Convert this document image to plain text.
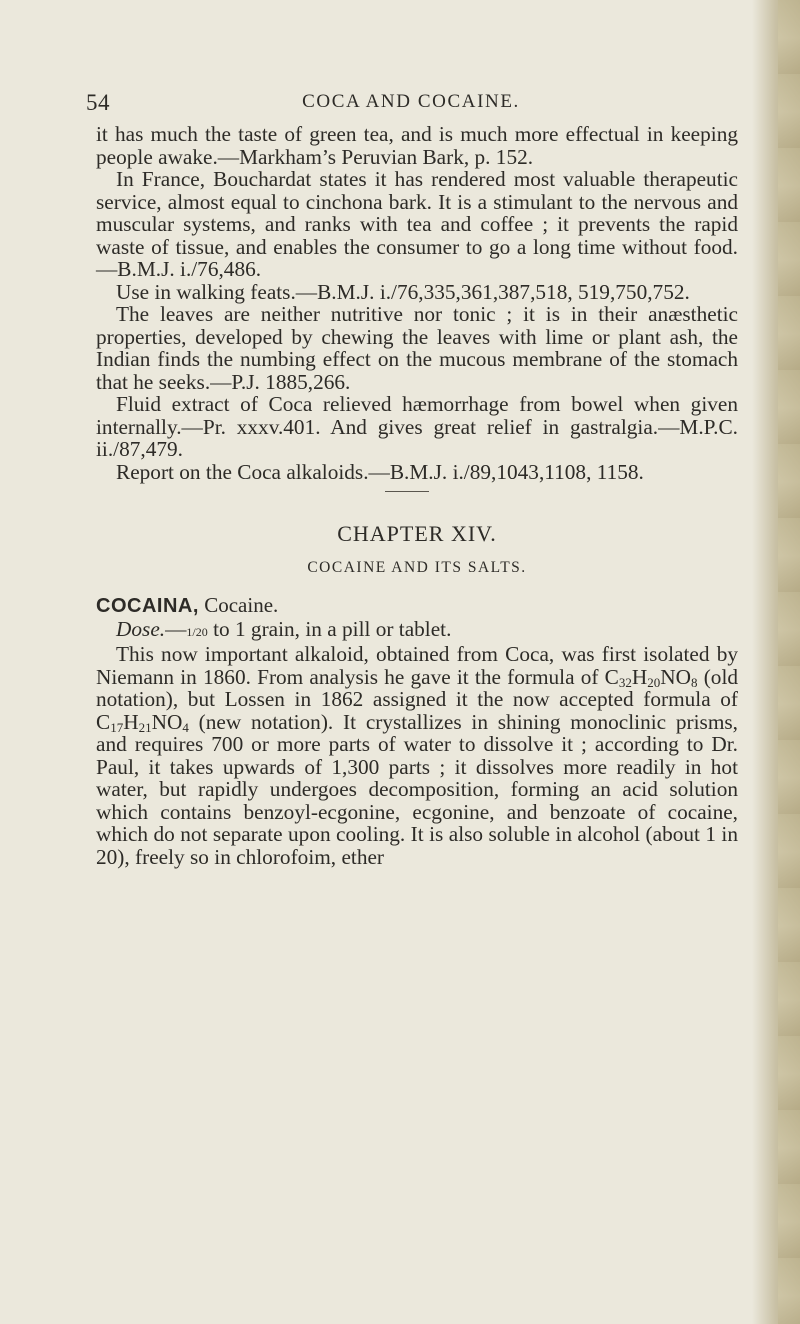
54	COCA AND COCAINE.

it has much the taste of green tea, and is much more effectual in keeping people awake.—Markham’s Peruvian Bark, p. 152.

In France, Bouchardat states it has rendered most valuable therapeutic service, almost equal to cinchona bark. It is a stimulant to the nervous and muscular systems, and ranks with tea and coffee ; it prevents the rapid waste of tissue, and enables the consumer to go a long time without food.—B.M.J. i./76,486.

Use in walking feats.—B.M.J. i./76,335,361,387,518, 519,750,752.

The leaves are neither nutritive nor tonic ; it is in their anæsthetic properties, developed by chewing the leaves with lime or plant ash, the Indian finds the numbing effect on the mucous membrane of the stomach that he seeks.—P.J. 1885,266.

Fluid extract of Coca relieved hæmorrhage from bowel when given internally.—Pr. xxxv.401. And gives great relief in gastralgia.—M.P.C. ii./87,479.

Report on the Coca alkaloids.—B.M.J. i./89,1043,1108, 1158.

CHAPTER XIV.
COCAINE AND ITS SALTS.

COCAINA, Cocaine.

Dose.—1/20 to 1 grain, in a pill or tablet.

This now important alkaloid, obtained from Coca, was first isolated by Niemann in 1860. From analysis he gave it the formula of $C_{32}H_{20}NO_8$ (old notation), but Lossen in 1862 assigned it the now accepted formula of $C_{17}H_{21}NO_4$ (new notation). It crystallizes in shining monoclinic prisms, and requires 700 or more parts of water to dissolve it ; according to Dr. Paul, it takes upwards of 1,300 parts ; it dissolves more readily in hot water, but rapidly undergoes decomposition, forming an acid solution which contains benzoyl-ecgonine, ecgonine, and benzoate of cocaine, which do not separate upon cooling. It is also soluble in alcohol (about 1 in 20), freely so in chlorofoim, ether
